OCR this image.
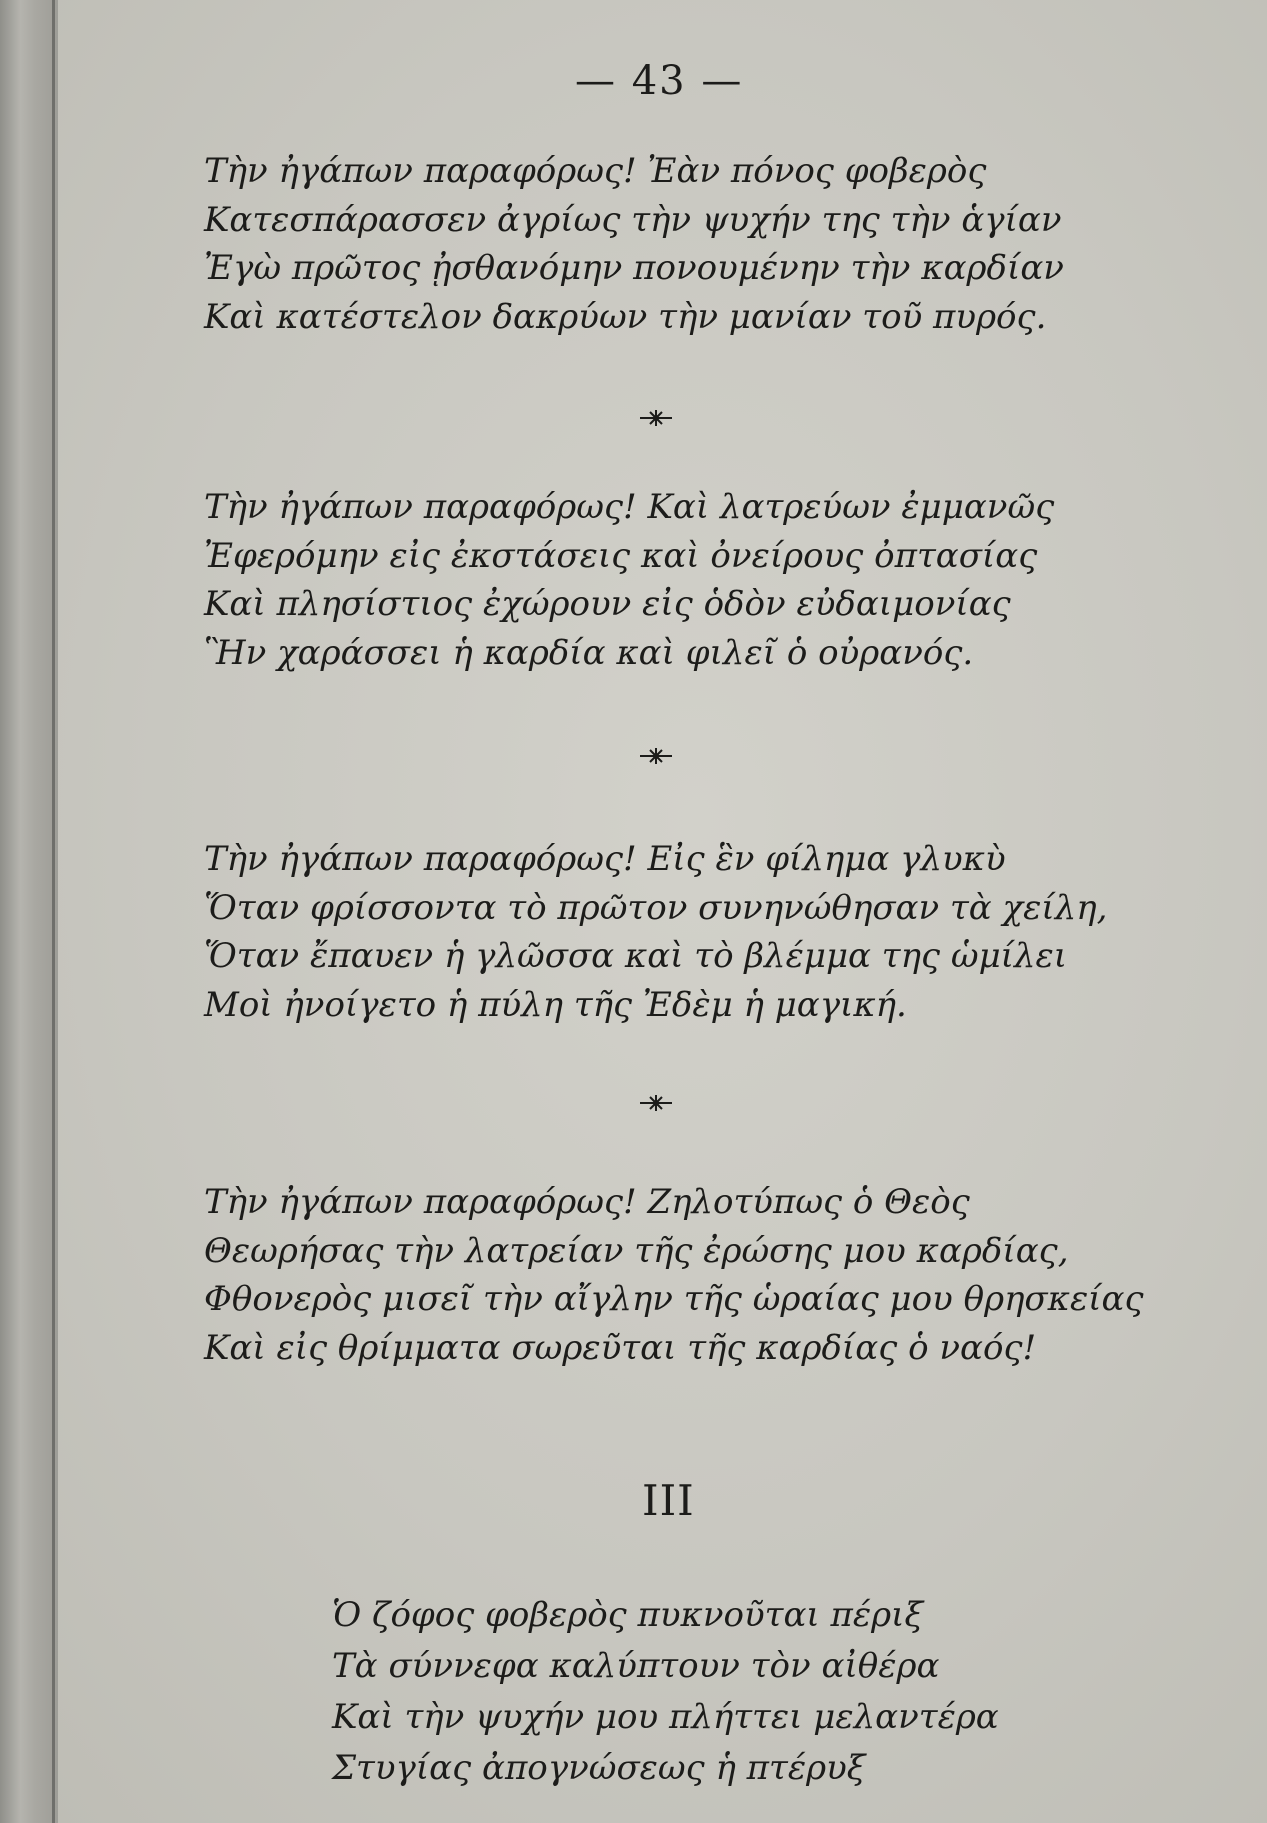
— 43 —
Τὴν ἠγάπων παραφόρως! Ἐὰν πόνος φοβερὸς
Κατεσπάρασσεν ἀγρίως τὴν ψυχήν της τὴν ἁγίαν
Ἐγὼ πρῶτος ᾐσθανόμην πονουμένην τὴν καρδίαν
Καὶ κατέστελον δακρύων τὴν μανίαν τοῦ πυρός.
Τὴν ἠγάπων παραφόρως! Καὶ λατρεύων ἐμμανῶς
Ἐφερόμην εἰς ἐκστάσεις καὶ ὀνείρους ὀπτασίας
Καὶ πλησίστιος ἐχώρουν εἰς ὁδὸν εὐδαιμονίας
Ἣν χαράσσει ἡ καρδία καὶ φιλεῖ ὁ οὐρανός.
Τὴν ἠγάπων παραφόρως! Εἰς ἓν φίλημα γλυκὺ
Ὅταν φρίσσοντα τὸ πρῶτον συνηνώθησαν τὰ χείλη,
Ὅταν ἔπαυεν ἡ γλῶσσα καὶ τὸ βλέμμα της ὡμίλει
Μοὶ ἠνοίγετο ἡ πύλη τῆς Ἐδὲμ ἡ μαγική.
Τὴν ἠγάπων παραφόρως! Ζηλοτύπως ὁ Θεὸς
Θεωρήσας τὴν λατρείαν τῆς ἐρώσης μου καρδίας,
Φθονερὸς μισεῖ τὴν αἴγλην τῆς ὡραίας μου θρησκείας
Καὶ εἰς θρίμματα σωρεῦται τῆς καρδίας ὁ ναός!
III
Ὁ ζόφος φοβερὸς πυκνοῦται πέριξ
Τὰ σύννεφα καλύπτουν τὸν αἰθέρα
Καὶ τὴν ψυχήν μου πλήττει μελαντέρα
Στυγίας ἀπογνώσεως ἡ πτέρυξ
